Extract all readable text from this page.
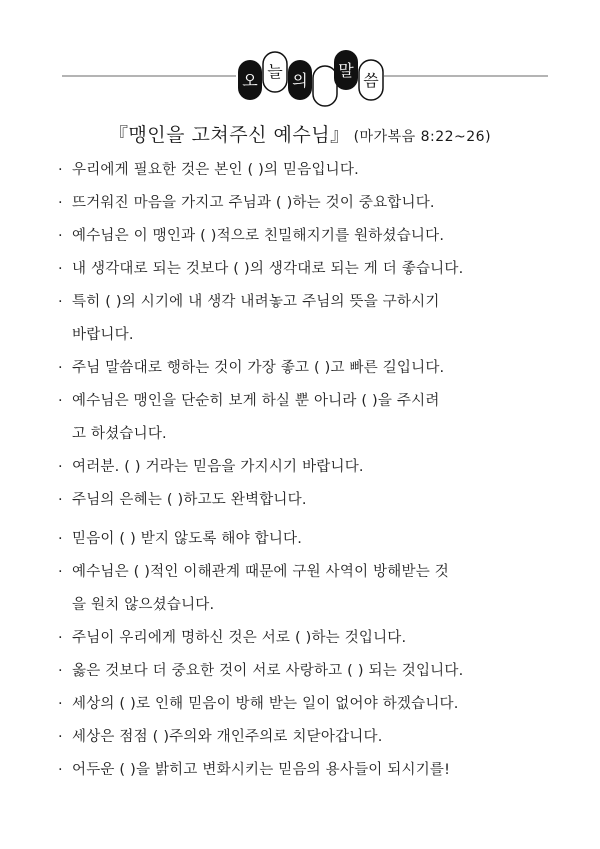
오 늘 의
말
씀
『맹인을 고쳐주신 예수님』 (마가복음 8:22~26)
· 우리에게 필요한 것은 본인 ( )의 믿음입니다.
· 뜨거워진 마음을 가지고 주님과 ( )하는 것이 중요합니다.
· 예수님은 이 맹인과 ( )적으로 친밀해지기를 원하셨습니다.
· 내 생각대로 되는 것보다 ( )의 생각대로 되는 게 더 좋습니다.
· 특히 ( )의 시기에 내 생각 내려놓고 주님의 뜻을 구하시기
바랍니다.
· 주님 말씀대로 행하는 것이 가장 좋고 ( )고 빠른 길입니다.
· 예수님은 맹인을 단순히 보게 하실 뿐 아니라 ( )을 주시려
고 하셨습니다.
· 여러분. ( ) 거라는 믿음을 가지시기 바랍니다.
· 주님의 은혜는 ( )하고도 완벽합니다.
· 믿음이 ( ) 받지 않도록 해야 합니다.
· 예수님은 ( )적인 이해관계 때문에 구원 사역이 방해받는 것
을 원치 않으셨습니다.
· 주님이 우리에게 명하신 것은 서로 ( )하는 것입니다.
· 옳은 것보다 더 중요한 것이 서로 사랑하고 ( ) 되는 것입니다.
· 세상의 ( )로 인해 믿음이 방해 받는 일이 없어야 하겠습니다.
· 세상은 점점 ( )주의와 개인주의로 치닫아갑니다.
· 어두운 ( )을 밝히고 변화시키는 믿음의 용사들이 되시기를!
